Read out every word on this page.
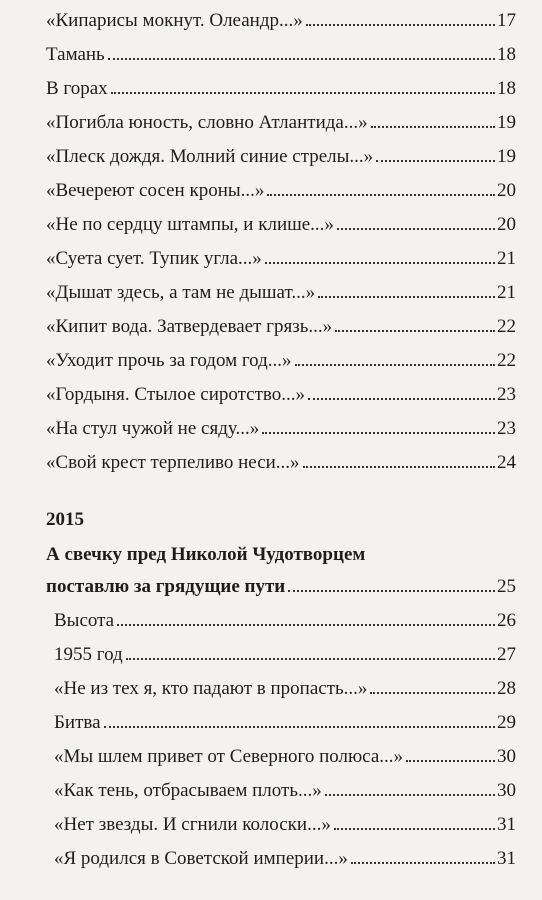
«Кипарисы мокнут. Олеандр...»	17
Тамань	18
В горах	18
«Погибла юность, словно Атлантида...»	19
«Плеск дождя. Молний синие стрелы...»	19
«Вечереют сосен кроны...»	20
«Не по сердцу штампы, и клише...»	20
«Суета сует. Тупик угла...»	21
«Дышат здесь, а там не дышат...»	21
«Кипит вода. Затвердевает грязь...»	22
«Уходит прочь за годом год...»	22
«Гордыня. Стылое сиротство...»	23
«На стул чужой не сяду...»	23
«Свой крест терпеливо неси...»	24
2015
А свечку пред Николой Чудотворцем
поставлю за грядущие пути	25
Высота	26
1955 год	27
«Не из тех я, кто падают в пропасть...»	28
Битва	29
«Мы шлем привет от Северного полюса...»	30
«Как тень, отбрасываем плоть...»	30
«Нет звезды. И сгнили колоски...»	31
«Я родился в Советской империи...»	31
